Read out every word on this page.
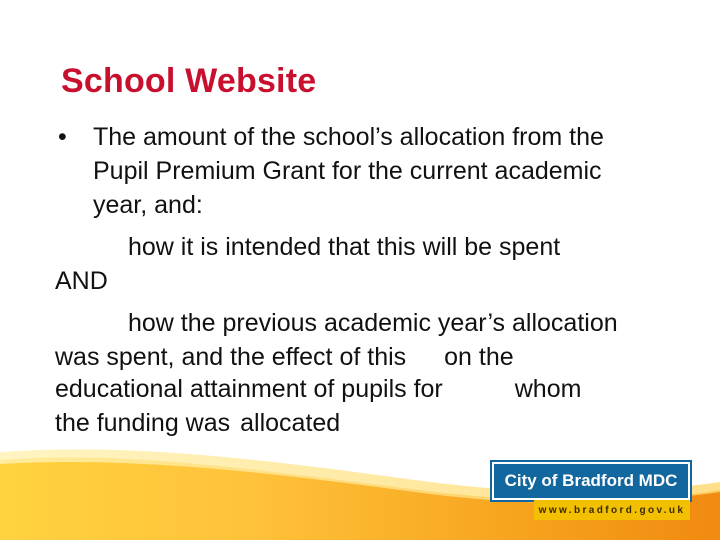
School Website
• The amount of the school’s allocation from the
Pupil Premium Grant for the current academic
year, and:
how it is intended that this will be spent
AND
how the previous academic year’s allocation
was spent, and the effect of this on the
educational attainment of pupils for	whom
the funding was allocated
City of Bradford MDC
www.bradford.gov.uk
